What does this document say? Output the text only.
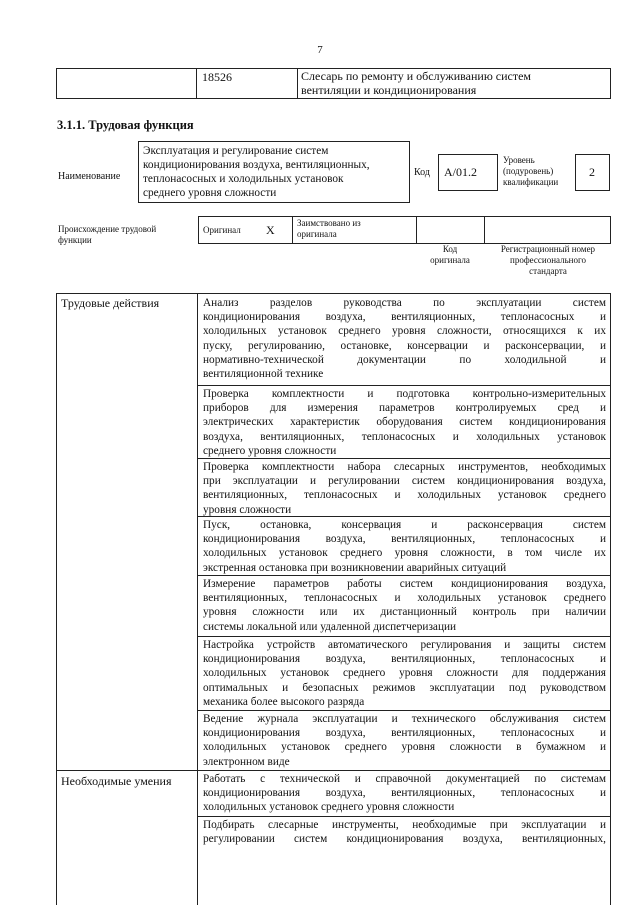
7
18526	Слесарь по ремонту и обслуживанию систем
вентиляции и кондиционирования
3.1.1. Трудовая функция
Наименование
Эксплуатация и регулирование систем
кондиционирования воздуха, вентиляционных,
теплонасосных и холодильных установок
среднего уровня сложности
Код A/01.2
Уровень
(подуровень)
квалификации
2
Происхождение трудовой
функции
Оригинал X Заимствовано из
оригинала
Код
оригинала
Регистрационный номер
профессионального
стандарта
Трудовые действия
Необходимые умения
Анализ разделов руководства по эксплуатации систем
кондиционирования воздуха, вентиляционных, теплонасосных и
холодильных установок среднего уровня сложности, относящихся к их
пуску, регулированию, остановке, консервации и расконсервации, и
нормативно-технической документации по холодильной и
вентиляционной технике
Проверка комплектности и подготовка контрольно-измерительных
приборов для измерения параметров контролируемых сред и
электрических характеристик оборудования систем кондиционирования
воздуха, вентиляционных, теплонасосных и холодильных установок
среднего уровня сложности
Проверка комплектности набора слесарных инструментов, необходимых
при эксплуатации и регулировании систем кондиционирования воздуха,
вентиляционных, теплонасосных и холодильных установок среднего
уровня сложности
Пуск, остановка, консервация и расконсервация систем
кондиционирования воздуха, вентиляционных, теплонасосных и
холодильных установок среднего уровня сложности, в том числе их
экстренная остановка при возникновении аварийных ситуаций
Измерение параметров работы систем кондиционирования воздуха,
вентиляционных, теплонасосных и холодильных установок среднего
уровня сложности или их дистанционный контроль при наличии
системы локальной или удаленной диспетчеризации
Настройка устройств автоматического регулирования и защиты систем
кондиционирования воздуха, вентиляционных, теплонасосных и
холодильных установок среднего уровня сложности для поддержания
оптимальных и безопасных режимов эксплуатации под руководством
механика более высокого разряда
Ведение журнала эксплуатации и технического обслуживания систем
кондиционирования воздуха, вентиляционных, теплонасосных и
холодильных установок среднего уровня сложности в бумажном и
электронном виде
Работать с технической и справочной документацией по системам
кондиционирования воздуха, вентиляционных, теплонасосных и
холодильных установок среднего уровня сложности
Подбирать слесарные инструменты, необходимые при эксплуатации и
регулировании систем кондиционирования воздуха, вентиляционных,
